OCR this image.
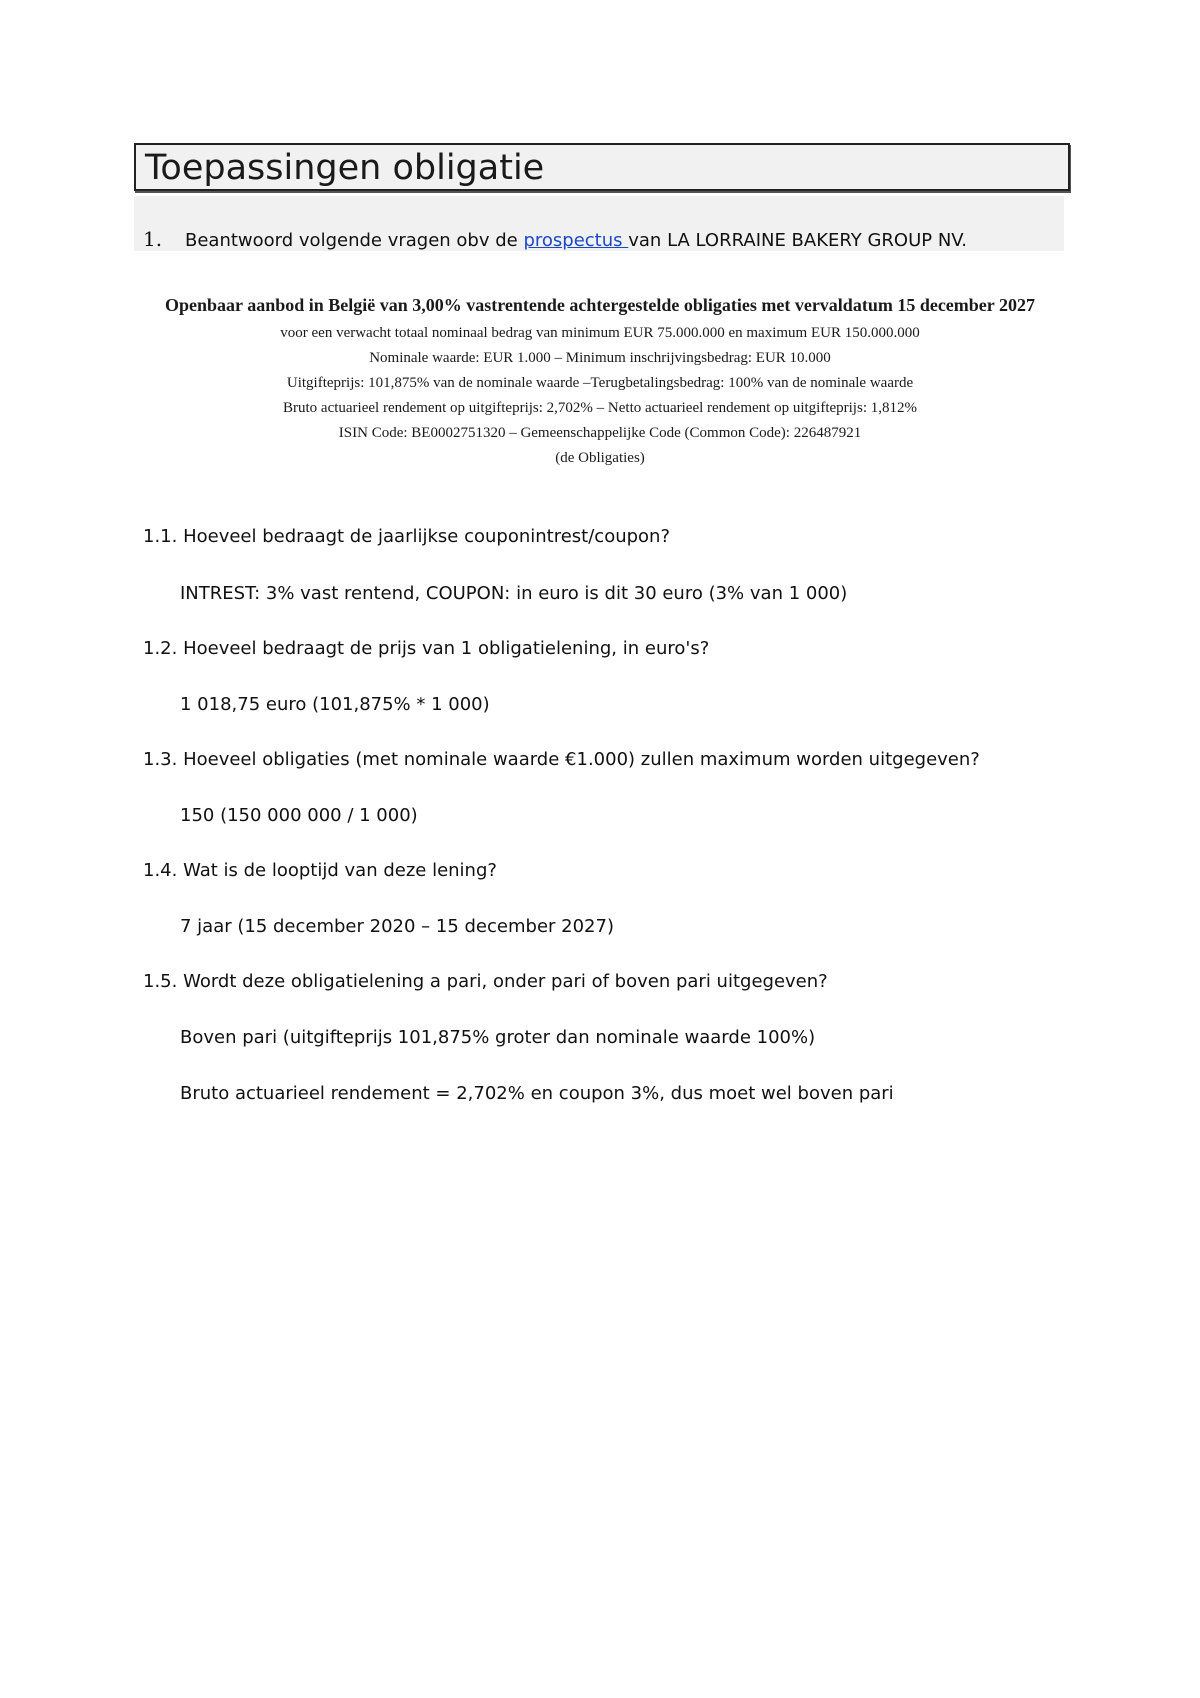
Toepassingen obligatie
1. Beantwoord volgende vragen obv de prospectus van LA LORRAINE BAKERY GROUP NV.
Openbaar aanbod in België van 3,00% vastrentende achtergestelde obligaties met vervaldatum 15 december 2027
voor een verwacht totaal nominaal bedrag van minimum EUR 75.000.000 en maximum EUR 150.000.000
Nominale waarde: EUR 1.000 – Minimum inschrijvingsbedrag: EUR 10.000
Uitgifteprijs: 101,875% van de nominale waarde –Terugbetalingsbedrag: 100% van de nominale waarde
Bruto actuarieel rendement op uitgifteprijs: 2,702% – Netto actuarieel rendement op uitgifteprijs: 1,812%
ISIN Code: BE0002751320 – Gemeenschappelijke Code (Common Code): 226487921
(de Obligaties)
1.1. Hoeveel bedraagt de jaarlijkse couponintrest/coupon?
INTREST: 3% vast rentend, COUPON: in euro is dit 30 euro (3% van 1 000)
1.2. Hoeveel bedraagt de prijs van 1 obligatielening, in euro's?
1 018,75 euro (101,875% * 1 000)
1.3. Hoeveel obligaties (met nominale waarde €1.000) zullen maximum worden uitgegeven?
150 (150 000 000 / 1 000)
1.4. Wat is de looptijd van deze lening?
7 jaar (15 december 2020 – 15 december 2027)
1.5. Wordt deze obligatielening a pari, onder pari of boven pari uitgegeven?
Boven pari (uitgifteprijs 101,875% groter dan nominale waarde 100%)
Bruto actuarieel rendement = 2,702% en coupon 3%, dus moet wel boven pari
